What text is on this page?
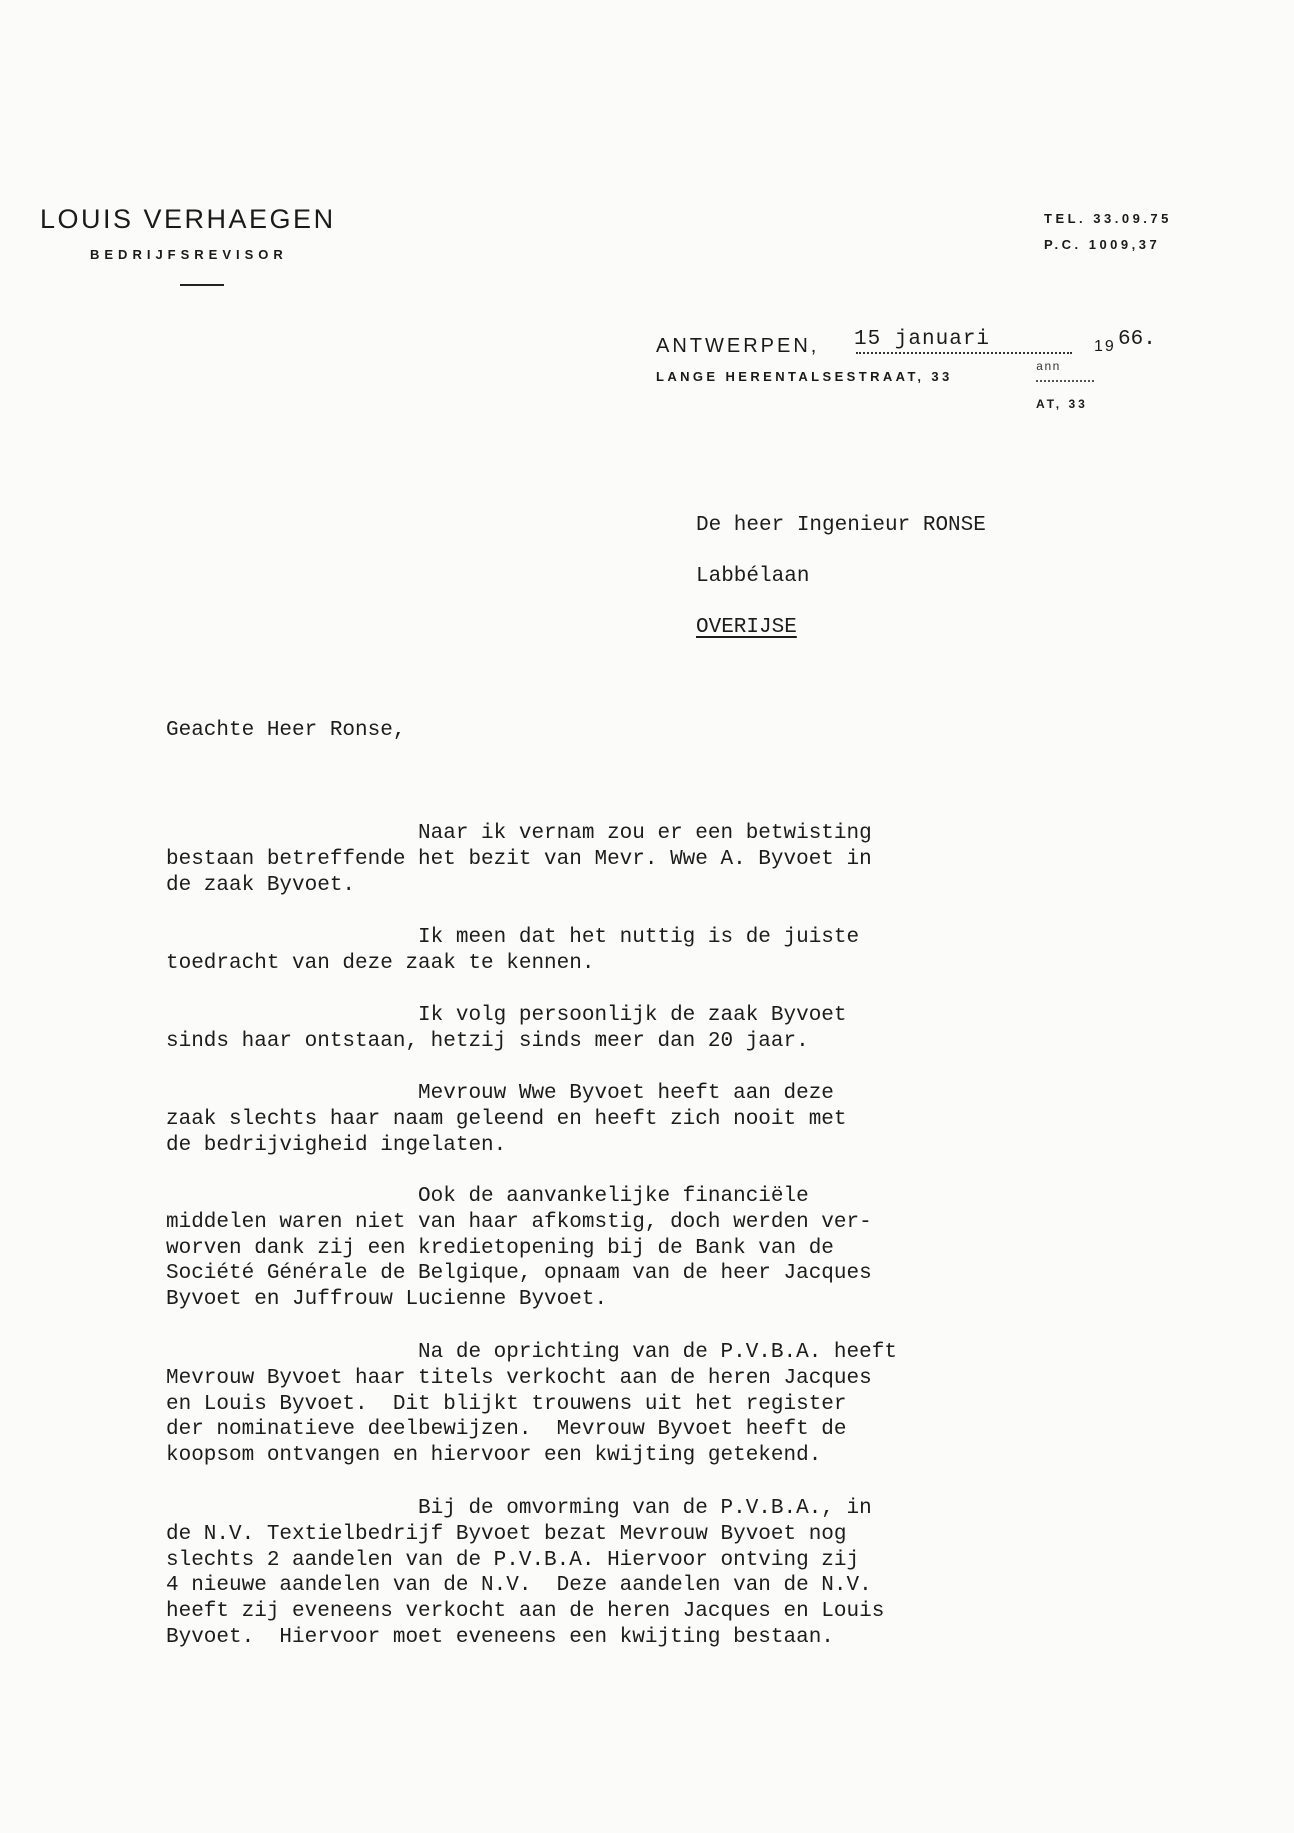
LOUIS VERHAEGEN
BEDRIJFSREVISOR
TEL. 33.09.75
P.C. 1009,37
ANTWERPEN, 15 januari	19 66.
LANGE HERENTALSESTRAAT, 33
ann
AT, 33
De heer Ingenieur RONSE
Labbélaan
OVERIJSE
Geachte Heer Ronse,
Naar ik vernam zou er een betwisting
bestaan betreffende het bezit van Mevr. Wwe A. Byvoet in
de zaak Byvoet.
Ik meen dat het nuttig is de juiste
toedracht van deze zaak te kennen.
Ik volg persoonlijk de zaak Byvoet
sinds haar ontstaan, hetzij sinds meer dan 20 jaar.
Mevrouw Wwe Byvoet heeft aan deze
zaak slechts haar naam geleend en heeft zich nooit met
de bedrijvigheid ingelaten.
Ook de aanvankelijke financiële
middelen waren niet van haar afkomstig, doch werden ver-
worven dank zij een kredietopening bij de Bank van de
Société Générale de Belgique, opnaam van de heer Jacques
Byvoet en Juffrouw Lucienne Byvoet.
Na de oprichting van de P.V.B.A. heeft
Mevrouw Byvoet haar titels verkocht aan de heren Jacques
en Louis Byvoet.  Dit blijkt trouwens uit het register
der nominatieve deelbewijzen.  Mevrouw Byvoet heeft de
koopsom ontvangen en hiervoor een kwijting getekend.
Bij de omvorming van de P.V.B.A., in
de N.V. Textielbedrijf Byvoet bezat Mevrouw Byvoet nog
slechts 2 aandelen van de P.V.B.A. Hiervoor ontving zij
4 nieuwe aandelen van de N.V.  Deze aandelen van de N.V.
heeft zij eveneens verkocht aan de heren Jacques en Louis
Byvoet.  Hiervoor moet eveneens een kwijting bestaan.
